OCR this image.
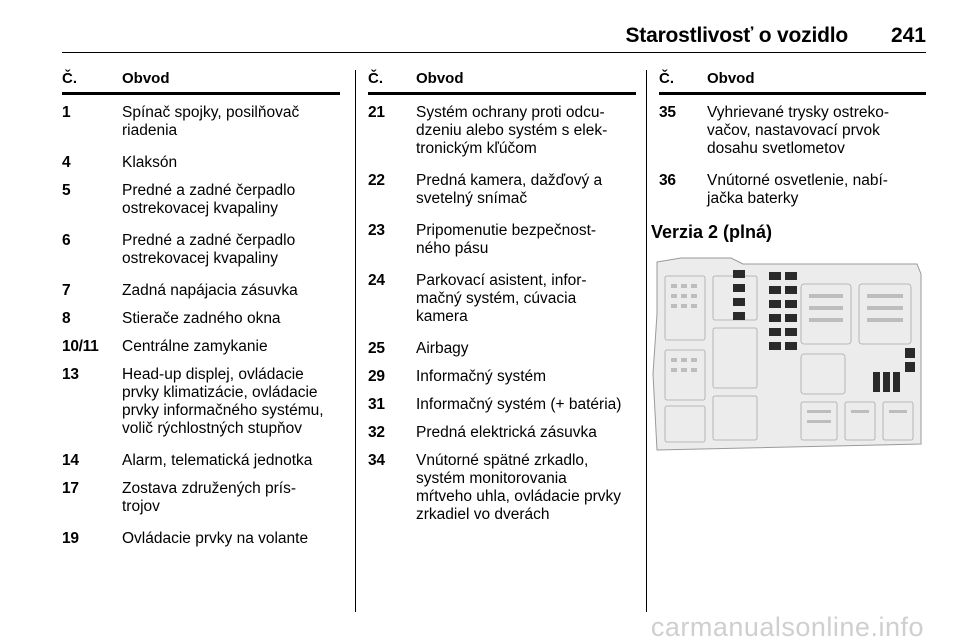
Starostlivosť o vozidlo 241
Č.	Obvod
1	Spínač spojky, posilňovač
riadenia
4	Klaksón
5	Predné a zadné čerpadlo
ostrekovacej kvapaliny
6	Predné a zadné čerpadlo
ostrekovacej kvapaliny
7	Zadná napájacia zásuvka
8	Stierače zadného okna
10/11	Centrálne zamykanie
13	Head-up displej, ovládacie
prvky klimatizácie, ovládacie
prvky informačného systému,
volič rýchlostných stupňov
14	Alarm, telematická jednotka
17	Zostava združených prís-
trojov
19	Ovládacie prvky na volante
Č. Obvod
21	Systém ochrany proti odcu-
dzeniu alebo systém s elek-
tronickým kľúčom
22	Predná kamera, dažďový a
svetelný snímač
23	Pripomenutie bezpečnost-
ného pásu
24	Parkovací asistent, infor-
mačný systém, cúvacia
kamera
25	Airbagy
29	Informačný systém
31	Informačný systém (+ batéria)
32	Predná elektrická zásuvka
34	Vnútorné spätné zrkadlo,
systém monitorovania
mŕtveho uhla, ovládacie prvky
zrkadiel vo dverách
Č. Obvod
35	Vyhrievané trysky ostreko-
vačov, nastavovací prvok
dosahu svetlometov
36	Vnútorné osvetlenie, nabí-
jačka baterky
Verzia 2 (plná)
carmanualsonline.info
